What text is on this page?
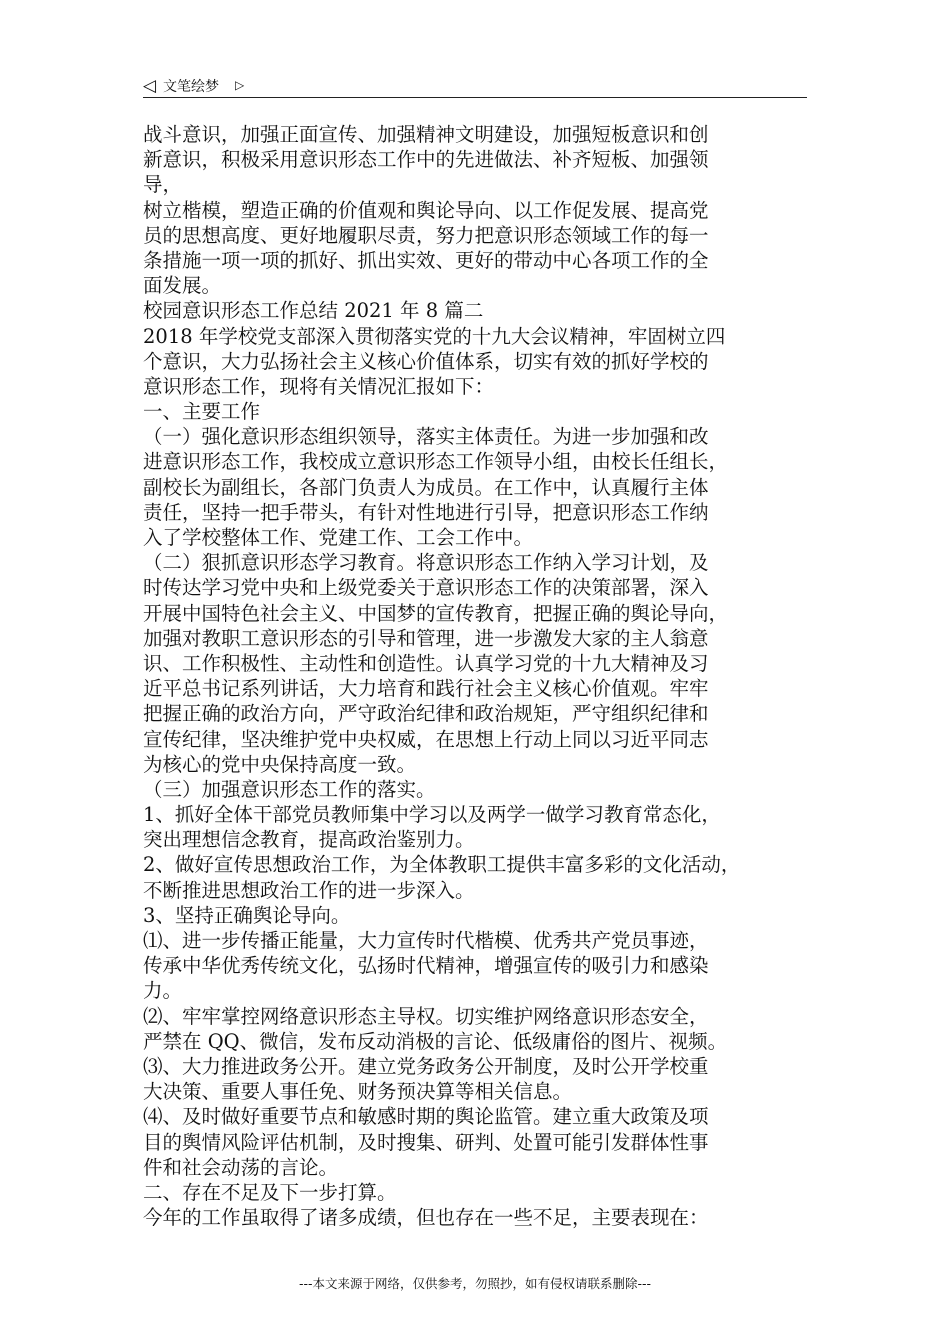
◁ 文笔绘梦 ▷
战斗意识，加强正面宣传、加强精神文明建设，加强短板意识和创
新意识，积极采用意识形态工作中的先进做法、补齐短板、加强领
导，
树立楷模，塑造正确的价值观和舆论导向、以工作促发展、提高党
员的思想高度、更好地履职尽责，努力把意识形态领域工作的每一
条措施一项一项的抓好、抓出实效、更好的带动中心各项工作的全
面发展。
校园意识形态工作总结 2021 年 8 篇二
2018 年学校党支部深入贯彻落实党的十九大会议精神，牢固树立四
个意识，大力弘扬社会主义核心价值体系，切实有效的抓好学校的
意识形态工作，现将有关情况汇报如下：
一、主要工作
（一）强化意识形态组织领导，落实主体责任。为进一步加强和改
进意识形态工作，我校成立意识形态工作领导小组，由校长任组长，
副校长为副组长，各部门负责人为成员。在工作中，认真履行主体
责任，坚持一把手带头，有针对性地进行引导，把意识形态工作纳
入了学校整体工作、党建工作、工会工作中。
（二）狠抓意识形态学习教育。将意识形态工作纳入学习计划，及
时传达学习党中央和上级党委关于意识形态工作的决策部署，深入
开展中国特色社会主义、中国梦的宣传教育，把握正确的舆论导向，
加强对教职工意识形态的引导和管理，进一步激发大家的主人翁意
识、工作积极性、主动性和创造性。认真学习党的十九大精神及习
近平总书记系列讲话，大力培育和践行社会主义核心价值观。牢牢
把握正确的政治方向，严守政治纪律和政治规矩，严守组织纪律和
宣传纪律，坚决维护党中央权威，在思想上行动上同以习近平同志
为核心的党中央保持高度一致。
（三）加强意识形态工作的落实。
1、抓好全体干部党员教师集中学习以及两学一做学习教育常态化，
突出理想信念教育，提高政治鉴别力。
2、做好宣传思想政治工作，为全体教职工提供丰富多彩的文化活动，
不断推进思想政治工作的进一步深入。
3、坚持正确舆论导向。
⑴、进一步传播正能量，大力宣传时代楷模、优秀共产党员事迹，
传承中华优秀传统文化，弘扬时代精神，增强宣传的吸引力和感染
力。
⑵、牢牢掌控网络意识形态主导权。切实维护网络意识形态安全，
严禁在 QQ、微信，发布反动消极的言论、低级庸俗的图片、视频。
⑶、大力推进政务公开。建立党务政务公开制度，及时公开学校重
大决策、重要人事任免、财务预决算等相关信息。
⑷、及时做好重要节点和敏感时期的舆论监管。建立重大政策及项
目的舆情风险评估机制，及时搜集、研判、处置可能引发群体性事
件和社会动荡的言论。
二、存在不足及下一步打算。
今年的工作虽取得了诸多成绩，但也存在一些不足，主要表现在：
---本文来源于网络，仅供参考，勿照抄，如有侵权请联系删除---
